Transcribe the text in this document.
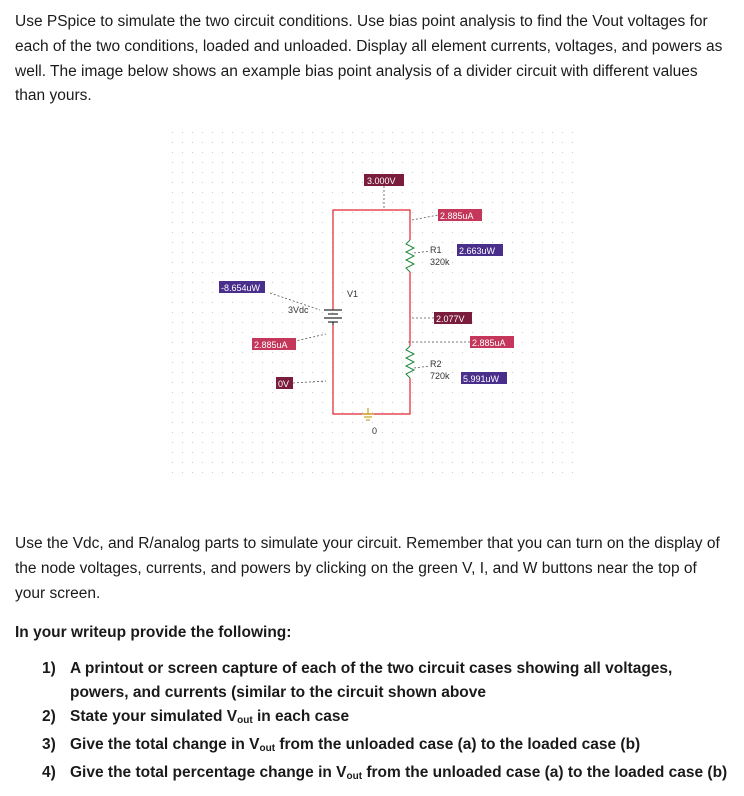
Use PSpice to simulate the two circuit conditions. Use bias point analysis to find the Vout voltages for each of the two conditions, loaded and unloaded. Display all element currents, voltages, and powers as well. The image below shows an example bias point analysis of a divider circuit with different values than yours.

0
3.000V
2.077V
0V
2.885uA
2.885uA	2.885uA
-8.654uW
2.663uW
5.991uW
V1
3Vdc
R1
320k
R2
720k

Use the Vdc, and R/analog parts to simulate your circuit. Remember that you can turn on the display of the node voltages, currents, and powers by clicking on the green V, I, and W buttons near the top of your screen.

In your writeup provide the following:

1) A printout or screen capture of each of the two circuit cases showing all voltages, powers, and currents (similar to the circuit shown above
2) State your simulated $V_{out}$ in each case
3) Give the total change in $V_{out}$ from the unloaded case (a) to the loaded case (b)
4) Give the total percentage change in $V_{out}$ from the unloaded case (a) to the loaded case (b)
